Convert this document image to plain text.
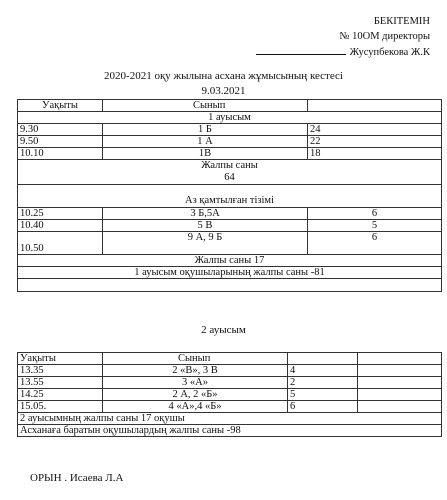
БЕКІТЕМІН
№ 10ОМ директоры
Жусупбекова Ж.К
2020-2021 оқу жылына асхана жұмысының кестесі
9.03.2021
Уақыты	Сынып	
1 ауысым		
9.30	1 Б	24
9.50	1 А	22
10.10	1В	18

Жалпы саны
64		

Аз қамтылған тізімі		
10.25	3 Б,5А	6
10.40	5 В	5
10.50	9 А, 9 Б	6
Жалпы саны 17		
1 ауысым оқушыларының жалпы саны -81		

2 ауысым
Уақыты	Сынып		
13.35	2 «В», 3 В	4	
13.55	3 «А»	2	
14.25	2 А, 2 «Б»	5	
15.05.	4 «А»,4 «Б»	6	
2 ауысымның жалпы саны 17 оқушы			
Асханаға баратын оқушылардың жалпы саны -98			
ОРЫН . Исаева Л.А
